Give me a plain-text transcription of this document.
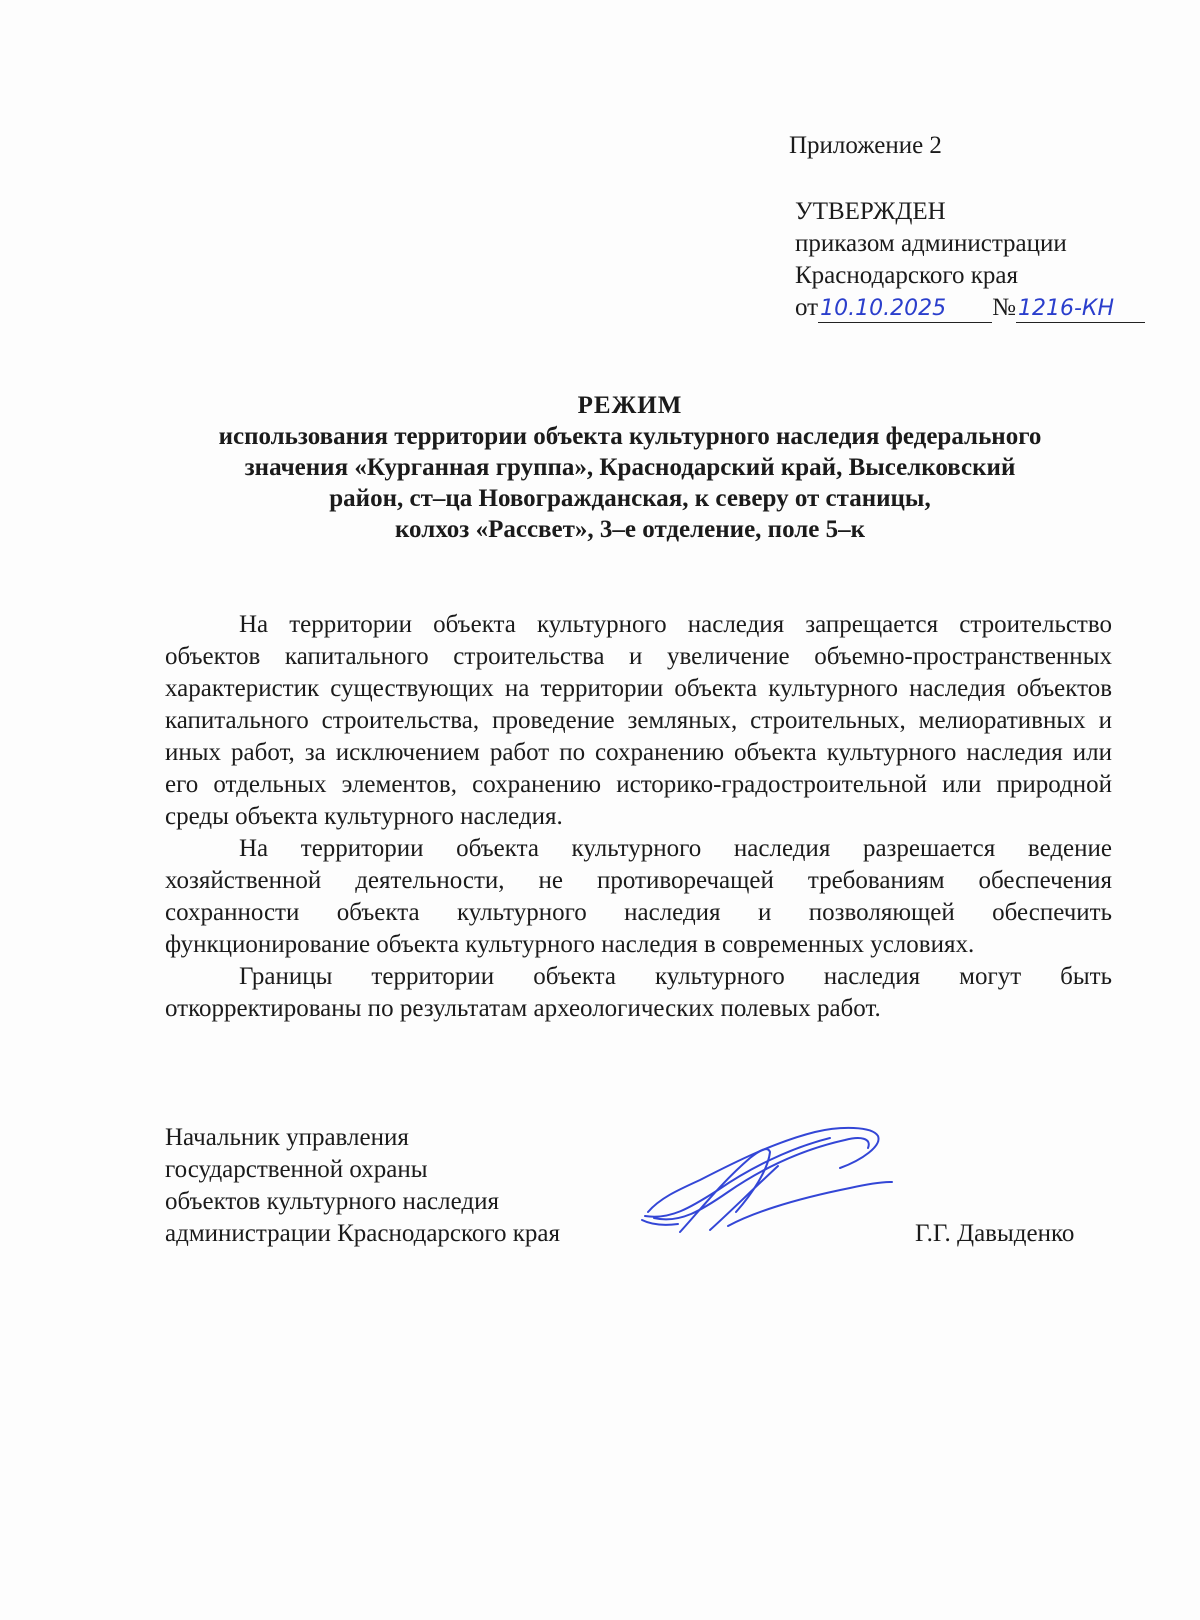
Приложение 2
УТВЕРЖДЕН
приказом администрации
Краснодарского края
от 10.10.2025	№ 1216-КН
РЕЖИМ
использования территории объекта культурного наследия федерального
значения «Курганная группа», Краснодарский край, Выселковский
район, ст–ца Новогражданская, к северу от станицы,
колхоз «Рассвет», 3–е отделение, поле 5–к

На территории объекта культурного наследия запрещается строительство объектов капитального строительства и увеличение объемно-пространственных характеристик существующих на территории объекта культурного наследия объектов капитального строительства, проведение земляных, строительных, мелиоративных и иных работ, за исключением работ по сохранению объекта культурного наследия или его отдельных элементов, сохранению историко-градостроительной или природной среды объекта культурного наследия.

На территории объекта культурного наследия разрешается ведение хозяйственной деятельности, не противоречащей требованиям обеспечения сохранности объекта культурного наследия и позволяющей обеспечить функционирование объекта культурного наследия в современных условиях.

Границы территории объекта культурного наследия могут быть откорректированы по результатам археологических полевых работ.

Начальник управления
государственной охраны
объектов культурного наследия
администрации Краснодарского края	Г.Г. Давыденко
